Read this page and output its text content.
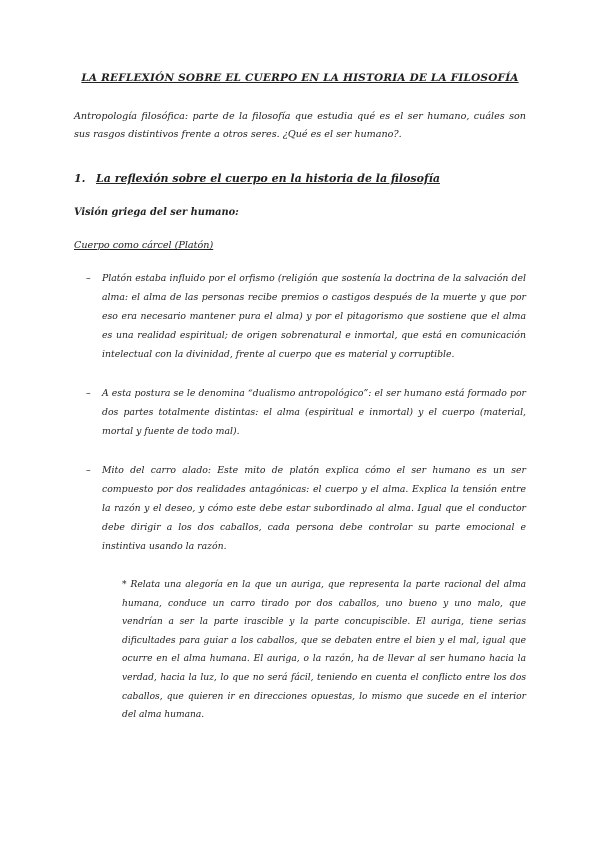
LA REFLEXIÓN SOBRE EL CUERPO EN LA HISTORIA DE LA FILOSOFÍA

Antropología filosófica: parte de la filosofía que estudia qué es el ser humano, cuáles son sus rasgos distintivos frente a otros seres. ¿Qué es el ser humano?.

1. La reflexión sobre el cuerpo en la historia de la filosofía
Visión griega del ser humano:
Cuerpo como cárcel (Platón)
–	Platón estaba influido por el orfismo (religión que sostenía la doctrina de la salvación del alma: el alma de las personas recibe premios o castigos después de la muerte y que por eso era necesario mantener pura el alma) y por el pitagorismo que sostiene que el alma es una realidad espiritual; de origen sobrenatural e inmortal, que está en comunicación intelectual con la divinidad, frente al cuerpo que es material y corruptible.
–	A esta postura se le denomina “dualismo antropológico”: el ser humano está formado por dos partes totalmente distintas: el alma (espiritual e inmortal) y el cuerpo (material, mortal y fuente de todo mal).
–	Mito del carro alado: Este mito de platón explica cómo el ser humano es un ser compuesto por dos realidades antagónicas: el cuerpo y el alma. Explica la tensión entre la razón y el deseo, y cómo este debe estar subordinado al alma. Igual que el conductor debe dirigir a los dos caballos, cada persona debe controlar su parte emocional e instintiva usando la razón.

* Relata una alegoría en la que un auriga, que representa la parte racional del alma humana, conduce un carro tirado por dos caballos, uno bueno y uno malo, que vendrían a ser la parte irascible y la parte concupiscible. El auriga, tiene serias dificultades para guiar a los caballos, que se debaten entre el bien y el mal, igual que ocurre en el alma humana. El auriga, o la razón, ha de llevar al ser humano hacia la verdad, hacia la luz, lo que no será fácil, teniendo en cuenta el conflicto entre los dos caballos, que quieren ir en direcciones opuestas, lo mismo que sucede en el interior del alma humana.
